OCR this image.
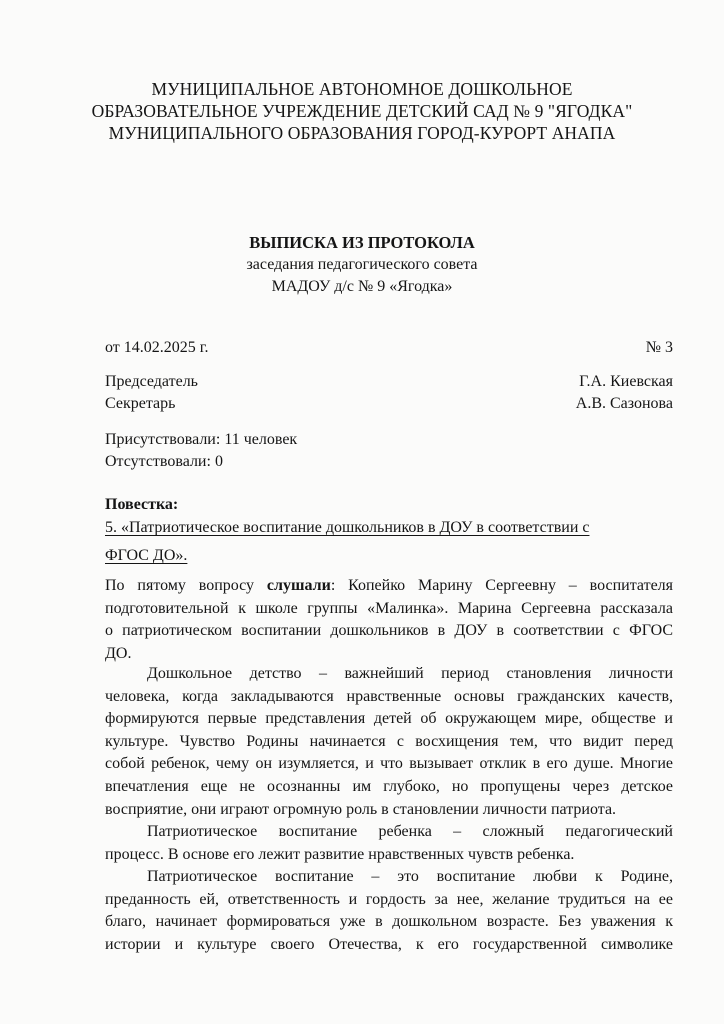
МУНИЦИПАЛЬНОЕ АВТОНОМНОЕ ДОШКОЛЬНОЕ
ОБРАЗОВАТЕЛЬНОЕ УЧРЕЖДЕНИЕ ДЕТСКИЙ САД № 9 "ЯГОДКА"
МУНИЦИПАЛЬНОГО ОБРАЗОВАНИЯ ГОРОД-КУРОРТ АНАПА
ВЫПИСКА ИЗ ПРОТОКОЛА
заседания педагогического совета
МАДОУ д/с № 9 «Ягодка»
от 14.02.2025 г.	№ 3
Председатель	Г.А. Киевская
Секретарь	А.В. Сазонова
Присутствовали: 11 человек
Отсутствовали: 0
Повестка:
5. «Патриотическое воспитание дошкольников в ДОУ в соответствии с
ФГОС ДО».
По пятому вопросу слушали: Копейко Марину Сергеевну – воспитателя
подготовительной к школе группы «Малинка». Марина Сергеевна рассказала
о патриотическом воспитании дошкольников в ДОУ в соответствии с ФГОС
ДО.
Дошкольное детство – важнейший период становления личности
человека, когда закладываются нравственные основы гражданских качеств,
формируются первые представления детей об окружающем мире, обществе и
культуре. Чувство Родины начинается с восхищения тем, что видит перед
собой ребенок, чему он изумляется, и что вызывает отклик в его душе. Многие
впечатления еще не осознанны им глубоко, но пропущены через детское
восприятие, они играют огромную роль в становлении личности патриота.
Патриотическое воспитание ребенка – сложный педагогический
процесс. В основе его лежит развитие нравственных чувств ребенка.
Патриотическое воспитание – это воспитание любви к Родине,
преданность ей, ответственность и гордость за нее, желание трудиться на ее
благо, начинает формироваться уже в дошкольном возрасте. Без уважения к
истории и культуре своего Отечества, к его государственной символике
